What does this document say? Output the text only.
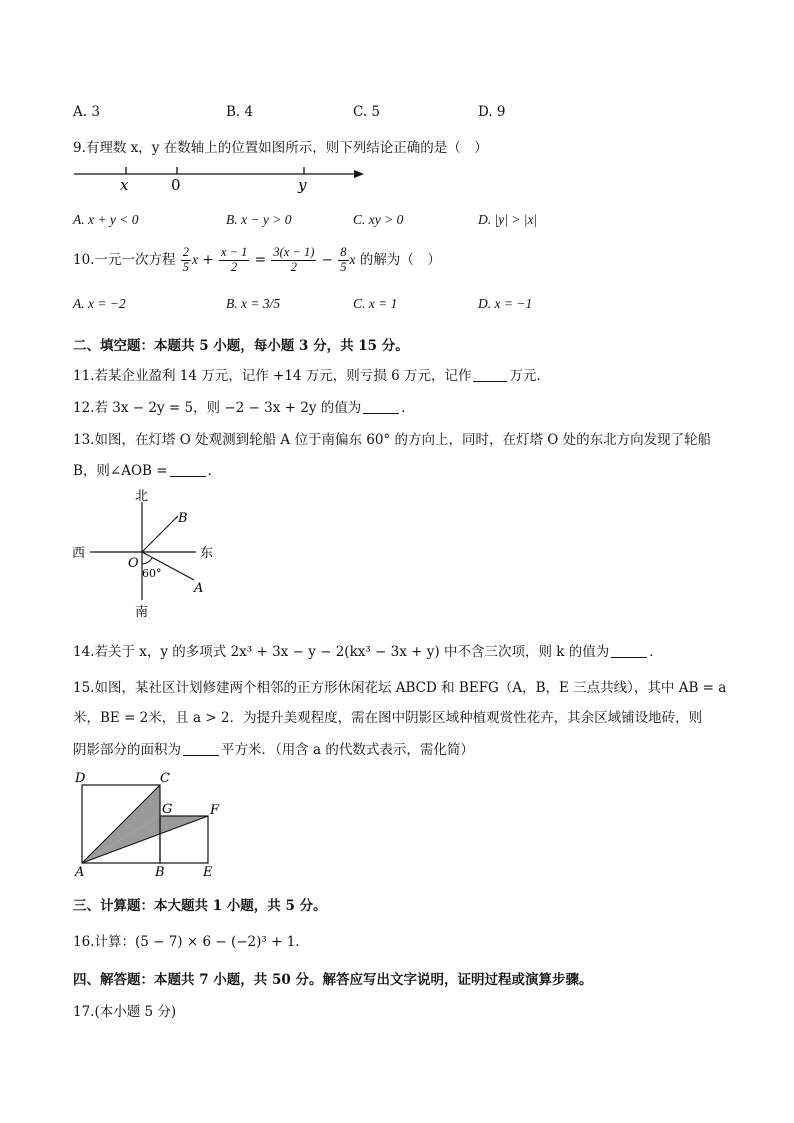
A. 3	B. 4	C. 5	D. 9
9.有理数 x，y 在数轴上的位置如图所示，则下列结论正确的是（　）
x	0	y
A. x + y < 0	B. x − y > 0	C. xy > 0	D. |y| > |x|
10.一元一次方程 $\frac{2}{5}$ $x + \frac{x - 1}{2} = \frac{3(x - 1)}{2} - \frac{8}{5}$ x 的解为（　）
A. x = −2	B. x = 3/5	C. x = 1	D. x = −1
二、填空题：本题共 5 小题，每小题 3 分，共 15 分。
11.若某企业盈利 14 万元，记作 +14 万元，则亏损 6 万元，记作	万元．
12.若 3x − 2y = 5，则 −2 − 3x + 2y 的值为	．
13.如图，在灯塔 O 处观测到轮船 A 位于南偏东 60° 的方向上，同时，在灯塔 O 处的东北方向发现了轮船
B，则∠AOB =	．
北
南
西	东
O
B
A
60°
14.若关于 x，y 的多项式 2x³ + 3x − y − 2(kx³ − 3x + y) 中不含三次项，则 k 的值为	．
15.如图，某社区计划修建两个相邻的正方形休闲花坛 ABCD 和 BEFG（A，B，E 三点共线），其中 AB = a
米，BE = 2米，且 a > 2．为提升美观程度，需在图中阴影区域种植观赏性花卉，其余区域铺设地砖，则
阴影部分的面积为	平方米．（用含 a 的代数式表示，需化简）
D	C
G	F
A	B	E
三、计算题：本大题共 1 小题，共 5 分。
16.计算：(5 − 7) × 6 − (−2)³ + 1．
四、解答题：本题共 7 小题，共 50 分。解答应写出文字说明，证明过程或演算步骤。
17.(本小题 5 分)
